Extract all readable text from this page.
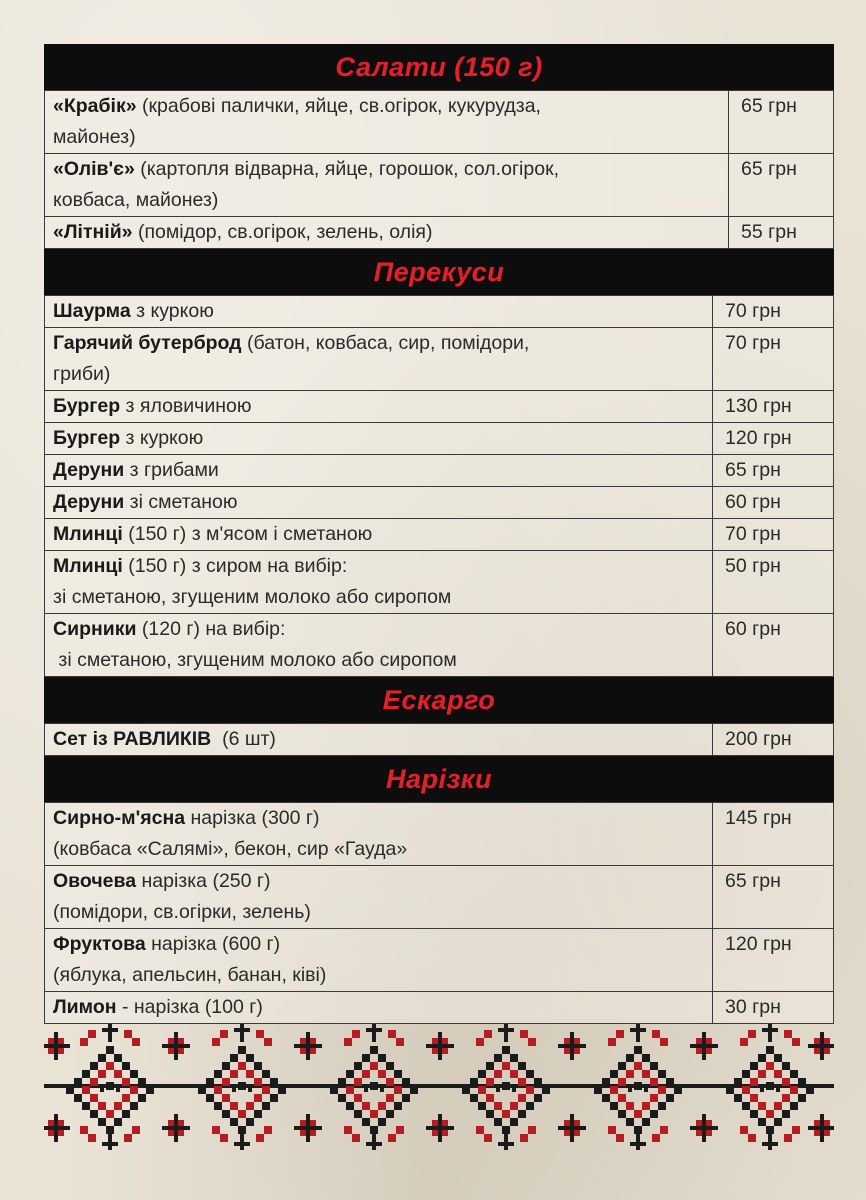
Салати (150 г)
«Крабік» (крабові палички, яйце, св.огірок, кукурудза,
майонез)	65 грн
«Олів'є» (картопля відварна, яйце, горошок, сол.огірок,
ковбаса, майонез)	65 грн
«Літній» (помідор, св.огірок, зелень, олія)	55 грн
Перекуси
Шаурма з куркою	70 грн
Гарячий бутерброд (батон, ковбаса, сир, помідори,
гриби)	70 грн
Бургер з яловичиною	130 грн
Бургер з куркою	120 грн
Деруни з грибами	65 грн
Деруни зі сметаною	60 грн
Млинці (150 г) з м'ясом і сметаною	70 грн
Млинці (150 г) з сиром на вибір:
зі сметаною, згущеним молоко або сиропом	50 грн
Сирники (120 г) на вибір:
зі сметаною, згущеним молоко або сиропом	60 грн
Ескарго
Сет із РАВЛИКІВ  (6 шт)	200 грн
Нарізки
Сирно-м'ясна нарізка (300 г)
(ковбаса «Салямі», бекон, сир «Гауда»	145 грн
Овочева нарізка (250 г)
(помідори, св.огірки, зелень)	65 грн
Фруктова нарізка (600 г)
(яблука, апельсин, банан, ківі)	120 грн
Лимон - нарізка (100 г)	30 грн
